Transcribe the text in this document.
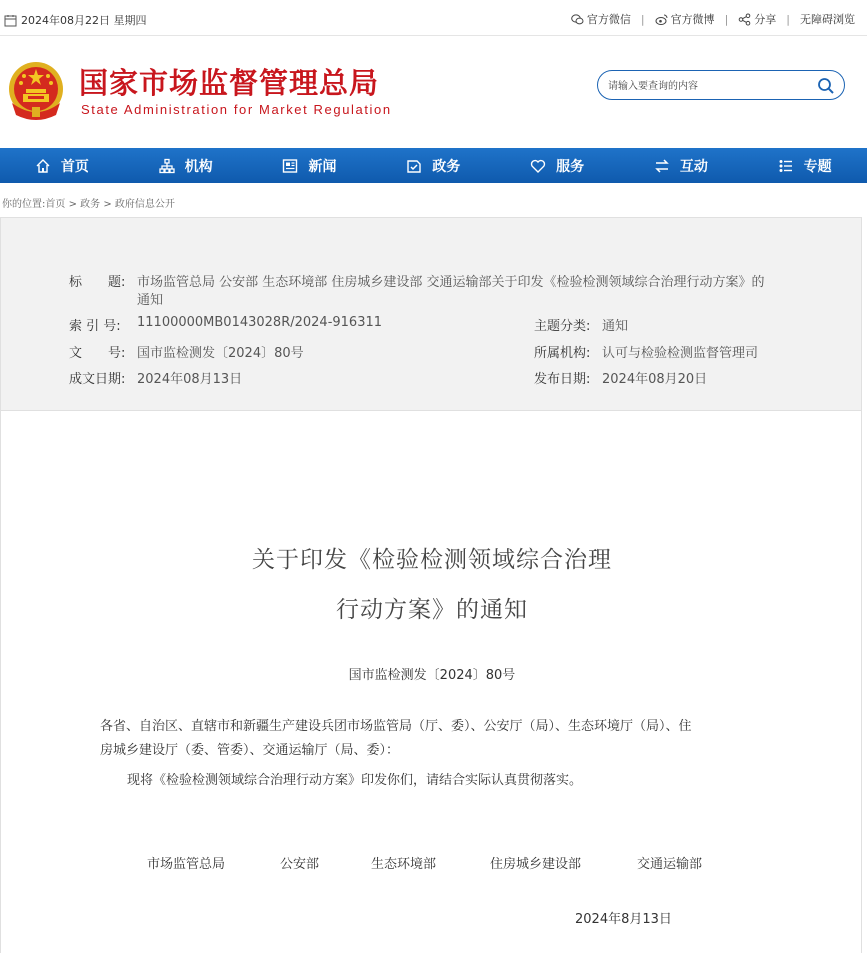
2024年08月22日 星期四	官方微信 | 官方微博 | 分享 | 无障碍浏览
国家市场监督管理总局
State Administration for Market Regulation
请输入要查询的内容
首页	机构	新闻	政务	服务	互动	专题
你的位置:首页 > 政务 > 政府信息公开
标　　题: 市场监管总局 公安部 生态环境部 住房城乡建设部 交通运输部关于印发《检验检测领域综合治理行动方案》的
通知
索 引 号: 11100000MB0143028R/2024-916311	主题分类: 通知
文　　号: 国市监检测发〔2024〕80号	所属机构: 认可与检验检测监督管理司
成文日期: 2024年08月13日	发布日期: 2024年08月20日
关于印发《检验检测领域综合治理
行动方案》的通知
国市监检测发〔2024〕80号
各省、自治区、直辖市和新疆生产建设兵团市场监管局（厅、委）、公安厅（局）、生态环境厅（局）、住
房城乡建设厅（委、管委）、交通运输厅（局、委）：
现将《检验检测领域综合治理行动方案》印发你们，请结合实际认真贯彻落实。
市场监管总局	公安部	生态环境部	住房城乡建设部	交通运输部
2024年8月13日
